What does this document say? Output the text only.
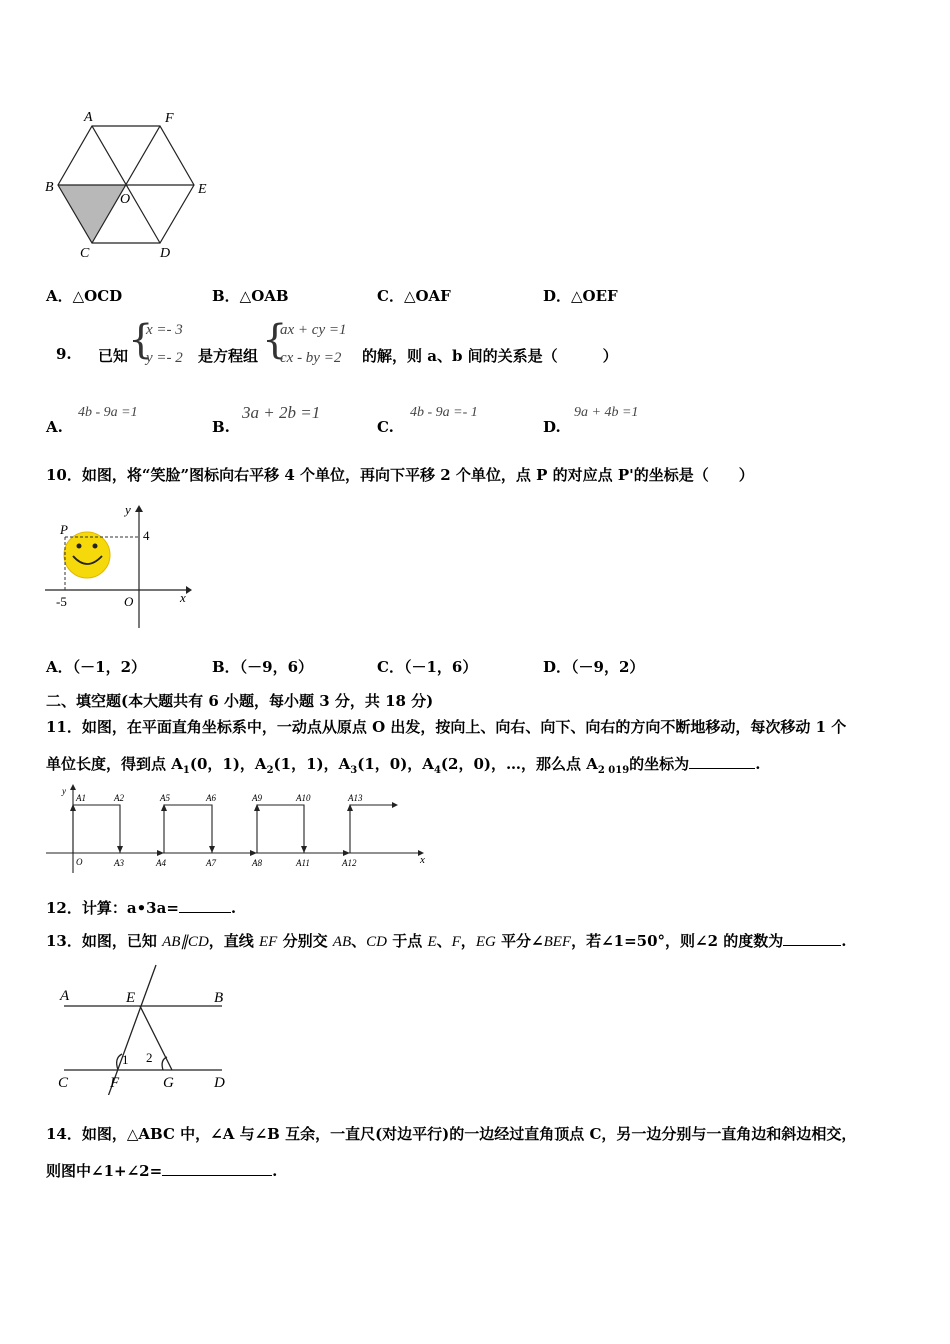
A	F
B
O
E
C	D
A．△OCD	B．△OAB	C．△OAF	D．△OEF
9. 已知 {
x =- 3
y =- 2 是方程组 {
ax + cy =1
cx - by =2 的解，则 a、b 间的关系是（　　　）
A.
4b - 9a =1
B.
3a + 2b =1
C.
4b - 9a =- 1
D.
9a + 4b =1
10．如图，将“笑脸”图标向右平移 4 个单位，再向下平移 2 个单位，点 P 的对应点 P'的坐标是（　　）
y
P	4
-5	O	x
A．（－1，2）	B．（－9，6）	C．（－1，6）	D．（－9，2）
二、填空题(本大题共有 6 小题，每小题 3 分，共 18 分)
11．如图，在平面直角坐标系中，一动点从原点 O 出发，按向上、向右、向下、向右的方向不断地移动，每次移动 1 个
单位长度，得到点 $A_1(0$，1)，$A_2(1$，1)，$A_3(1$，0)，$A_4(2$，0)，…，那么点 $A_{2 019}$的坐标为	.
y
A1	A2	A5	A6	A9	A10	A13
O	A3	A4	A7	A8	A11	A12	x
12．计算：a•3a=	.
13．如图，已知 AB∥CD，直线 EF 分别交 AB、CD 于点 E、F，EG 平分∠BEF，若∠1=50°，则∠2 的度数为	.
A	E	B
1 2
C	F	G	D
14．如图，△ABC 中，∠A 与∠B 互余，一直尺(对边平行)的一边经过直角顶点 C，另一边分别与一直角边和斜边相交，
则图中∠1+∠2=	.
